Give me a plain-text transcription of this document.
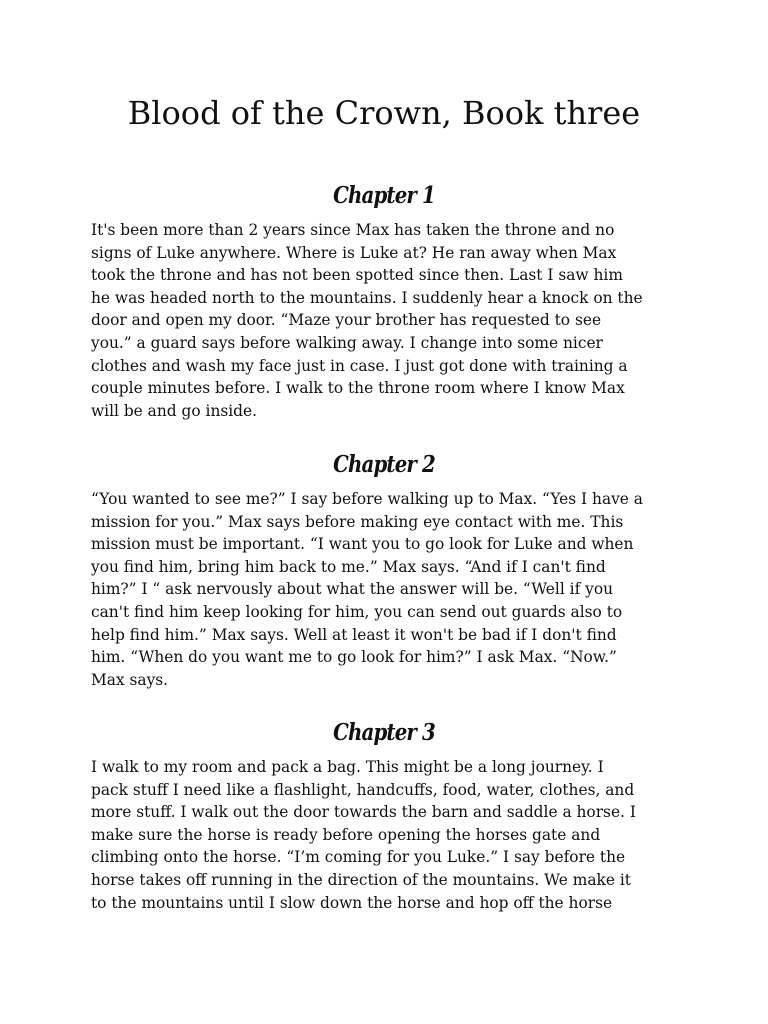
Blood of the Crown, Book three
Chapter 1
It's been more than 2 years since Max has taken the throne and no
signs of Luke anywhere. Where is Luke at? He ran away when Max
took the throne and has not been spotted since then. Last I saw him
he was headed north to the mountains. I suddenly hear a knock on the
door and open my door. “Maze your brother has requested to see
you.” a guard says before walking away. I change into some nicer
clothes and wash my face just in case. I just got done with training a
couple minutes before. I walk to the throne room where I know Max
will be and go inside.
Chapter 2
“You wanted to see me?” I say before walking up to Max. “Yes I have a
mission for you.” Max says before making eye contact with me. This
mission must be important. “I want you to go look for Luke and when
you find him, bring him back to me.” Max says. “And if I can't find
him?” I “ ask nervously about what the answer will be. “Well if you
can't find him keep looking for him, you can send out guards also to
help find him.” Max says. Well at least it won't be bad if I don't find
him. “When do you want me to go look for him?” I ask Max. “Now.”
Max says.
Chapter 3
I walk to my room and pack a bag. This might be a long journey. I
pack stuff I need like a flashlight, handcuffs, food, water, clothes, and
more stuff. I walk out the door towards the barn and saddle a horse. I
make sure the horse is ready before opening the horses gate and
climbing onto the horse. “I’m coming for you Luke.” I say before the
horse takes off running in the direction of the mountains. We make it
to the mountains until I slow down the horse and hop off the horse
